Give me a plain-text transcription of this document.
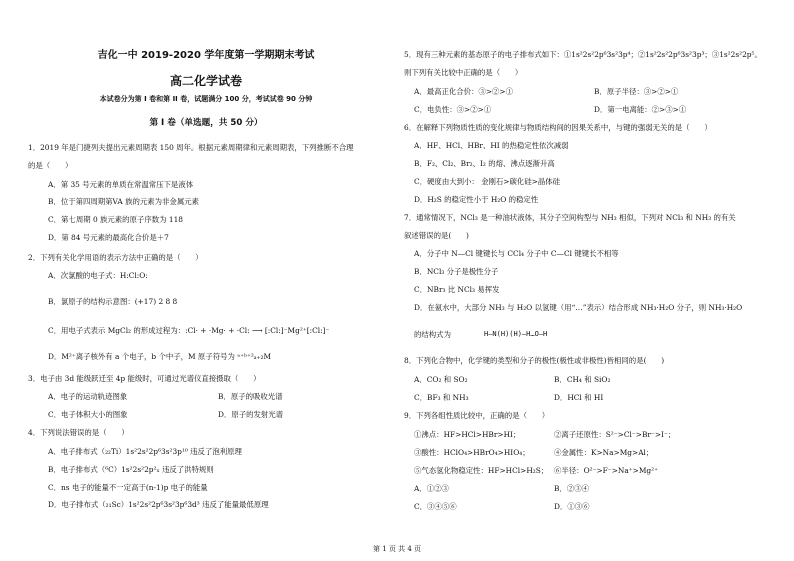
吉化一中 2019-2020 学年度第一学期期末考试
高二化学试卷
本试卷分为第 I 卷和第 II 卷，试题满分 100 分，考试试卷 90 分钟
第 I 卷（单选题，共 50 分）
1．2019 年是门捷列夫提出元素周期表 150 周年。根据元素周期律和元素周期表，下列推断不合理
的是（　　）
A．第 35 号元素的单质在常温常压下是液体
B．位于第四周期第VA 族的元素为非金属元素
C．第七周期 0 族元素的原子序数为 118
D．第 84 号元素的最高化合价是＋7
2．下列有关化学用语的表示方法中正确的是（　　）
A．次氯酸的电子式：H:Cl:O:
B．氯原子的结构示意图：(+17) 2 8 8
C．用电子式表示 MgCl₂ 的形成过程为：:Cl· + ·Mg· + ·Cl: ⟶ [:Cl:]⁻Mg²⁺[:Cl:]⁻
D．M²⁺离子核外有 a 个电子，b 个中子，M 原子符号为 ᵃ⁺ᵇ⁺²ₐ₊₂M
3．电子由 3d 能级跃迁至 4p 能级时，可通过光谱仪直接摄取（　　）
A．电子的运动轨迹图象	B．原子的吸收光谱
C．电子体积大小的图象	D．原子的发射光谱
4．下列说法错误的是（　　）
A．电子排布式（₂₂Ti）1s²2s²2p⁶3s²3p¹⁰ 违反了泡利原理
B．电子排布式（⁶C）1s²2s²2p²ₓ 违反了洪特规则
C．ns 电子的能量不一定高于(n-1)p 电子的能量
D．电子排布式（₂₁Sc）1s²2s²2p⁶3s²3p⁶3d³ 违反了能量最低原理
5．现有三种元素的基态原子的电子排布式如下：①1s²2s²2p⁶3s²3p⁴；②1s²2s²2p⁶3s²3p³；③1s²2s²2p⁵。
则下列有关比较中正确的是（　　）
A．最高正化合价：③>②>①	B．原子半径：③>②>①
C．电负性：③>②>①	D．第一电离能：②>③>①
6．在解释下列物质性质的变化规律与物质结构间的因果关系中，与键的强弱无关的是（　　）
A．HF、HCl、HBr、HI 的热稳定性依次减弱
B．F₂、Cl₂、Br₂、I₂ 的熔、沸点逐渐升高
C．硬度由大到小： 金刚石>碳化硅>晶体硅
D．H₂S 的稳定性小于 H₂O 的稳定性
7．通常情况下，NCl₃ 是一种油状液体，其分子空间构型与 NH₃ 相似，下列对 NCl₃ 和 NH₃ 的有关
叙述错误的是(　　)
A．分子中 N—Cl 键键长与 CCl₄ 分子中 C—Cl 键键长不相等
B．NCl₃ 分子是极性分子
C．NBr₃ 比 NCl₃ 易挥发
D．在氨水中，大部分 NH₃ 与 H₂O 以氢键（用“…”表示）结合形成 NH₃·H₂O 分子，则 NH₃·H₂O
的结构式为	H—N(H)(H)—H…O—H
8．下列化合物中，化学键的类型和分子的极性(极性或非极性)皆相同的是(　　)
A．CO₂ 和 SO₂	B．CH₄ 和 SiO₂
C．BF₃ 和 NH₃	D．HCl 和 HI
9．下列各组性质比较中，正确的是（　　）
①沸点：HF>HCl>HBr>HI；	②离子还原性：S²⁻>Cl⁻>Br⁻>I⁻；
③酸性：HClO₄>HBrO₄>HIO₄；	④金属性：K>Na>Mg>Al；
⑤气态氢化物稳定性：HF>HCl>H₂S； ⑥半径：O²⁻>F⁻>Na⁺>Mg²⁺
A．①②③	B．②③④
C．③④⑤⑥	D．①③⑥
第 1 页 共 4 页
